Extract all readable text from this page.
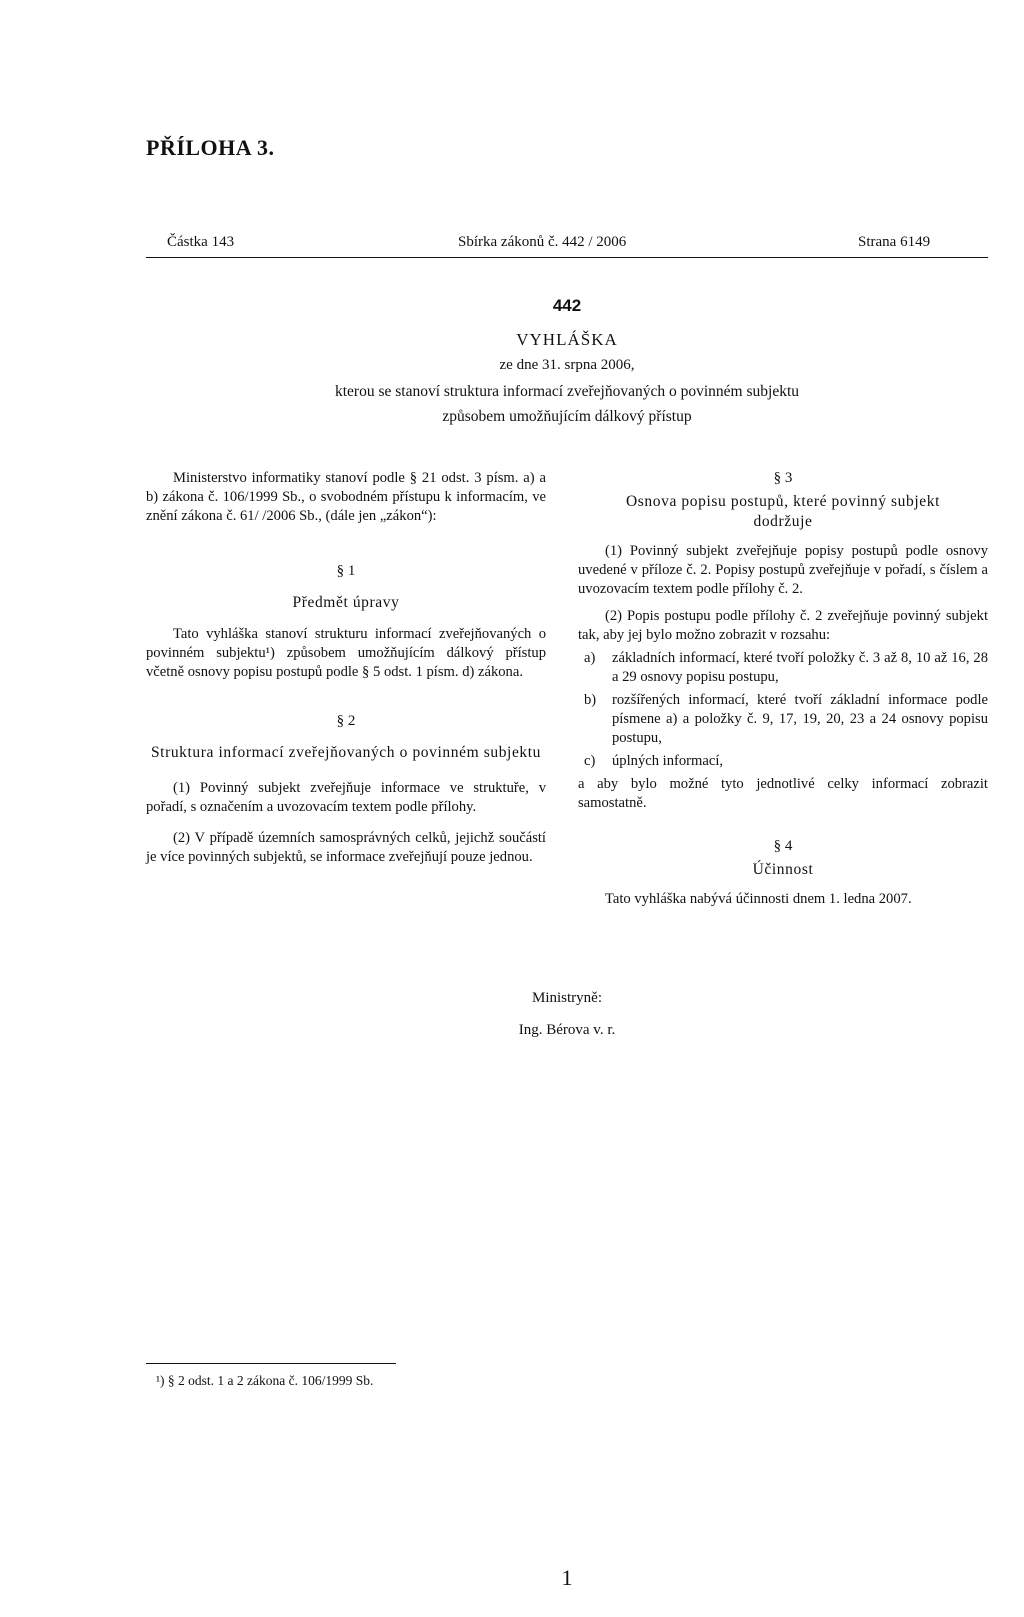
PŘÍLOHA 3.
Částka 143	Sbírka zákonů č. 442 / 2006	Strana 6149
442
VYHLÁŠKA
ze dne 31. srpna 2006,
kterou se stanoví struktura informací zveřejňovaných o povinném subjektu
způsobem umožňujícím dálkový přístup

Ministerstvo informatiky stanoví podle § 21 odst. 3 písm. a) a b) zákona č. 106/1999 Sb., o svobodném přístupu k informacím, ve znění zákona č. 61/ /2006 Sb., (dále jen „zákon“):

§ 1
Předmět úpravy

Tato vyhláška stanoví strukturu informací zveřejňovaných o povinném subjektu¹) způsobem umožňujícím dálkový přístup včetně osnovy popisu postupů podle § 5 odst. 1 písm. d) zákona.

§ 2
Struktura informací zveřejňovaných o povinném subjektu

(1) Povinný subjekt zveřejňuje informace ve struktuře, v pořadí, s označením a uvozovacím textem podle přílohy.

(2) V případě územních samosprávných celků, jejichž součástí je více povinných subjektů, se informace zveřejňují pouze jednou.

§ 3
Osnova popisu postupů, které povinný subjekt dodržuje

(1) Povinný subjekt zveřejňuje popisy postupů podle osnovy uvedené v příloze č. 2. Popisy postupů zveřejňuje v pořadí, s číslem a uvozovacím textem podle přílohy č. 2.

(2) Popis postupu podle přílohy č. 2 zveřejňuje povinný subjekt tak, aby jej bylo možno zobrazit v rozsahu:

a)	základních informací, které tvoří položky č. 3 až 8, 10 až 16, 28 a 29 osnovy popisu postupu,
b)	rozšířených informací, které tvoří základní informace podle písmene a) a položky č. 9, 17, 19, 20, 23 a 24 osnovy popisu postupu,
c)	úplných informací,

a aby bylo možné tyto jednotlivé celky informací zobrazit samostatně.

§ 4
Účinnost

Tato vyhláška nabývá účinnosti dnem 1. ledna 2007.

Ministryně:
Ing. Bérova v. r.
¹) § 2 odst. 1 a 2 zákona č. 106/1999 Sb.
1
